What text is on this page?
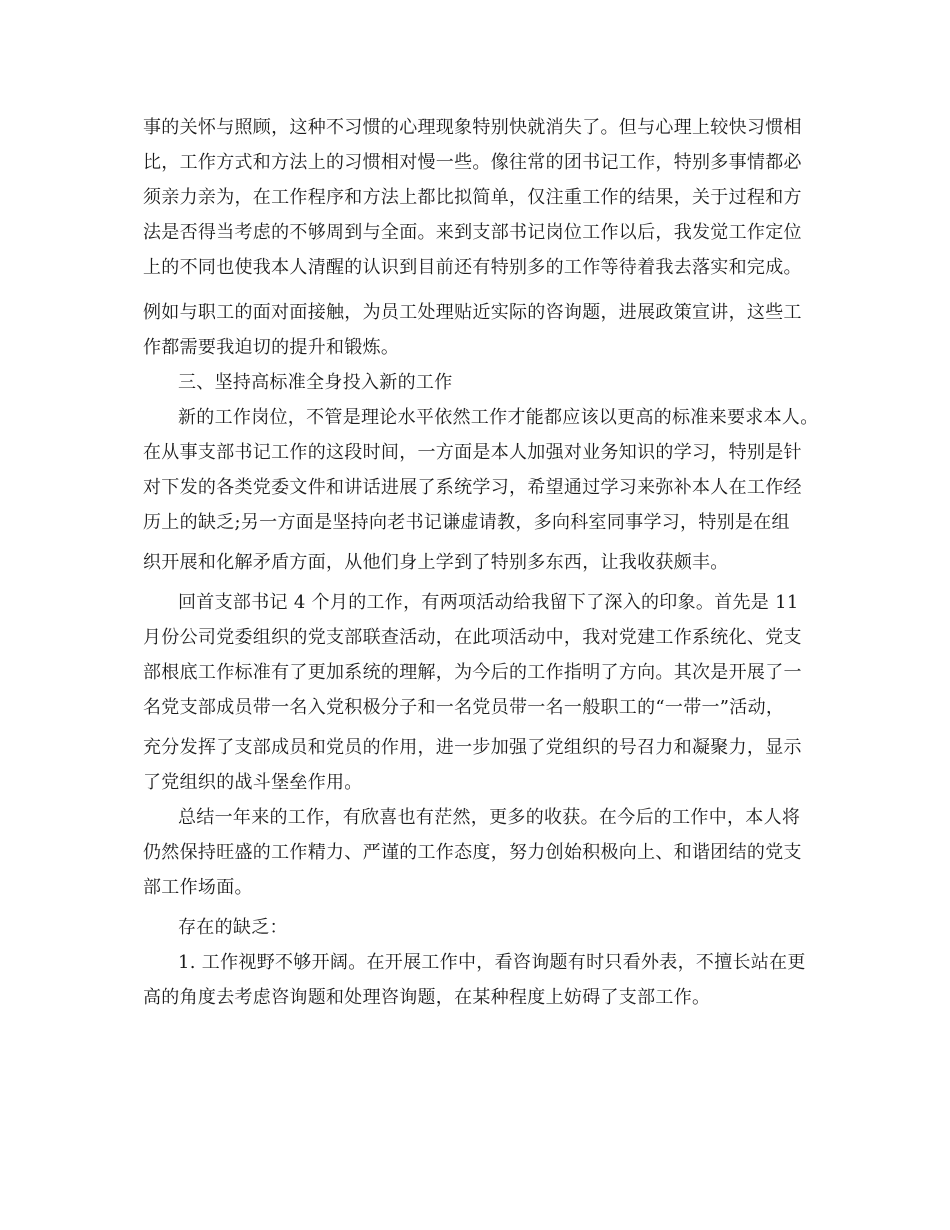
事的关怀与照顾，这种不习惯的心理现象特别快就消失了。但与心理上较快习惯相
比，工作方式和方法上的习惯相对慢一些。像往常的团书记工作，特别多事情都必
须亲力亲为，在工作程序和方法上都比拟简单，仅注重工作的结果，关于过程和方
法是否得当考虑的不够周到与全面。来到支部书记岗位工作以后，我发觉工作定位
上的不同也使我本人清醒的认识到目前还有特别多的工作等待着我去落实和完成。
例如与职工的面对面接触，为员工处理贴近实际的咨询题，进展政策宣讲，这些工
作都需要我迫切的提升和锻炼。
三、坚持高标准全身投入新的工作
新的工作岗位，不管是理论水平依然工作才能都应该以更高的标准来要求本人。
在从事支部书记工作的这段时间，一方面是本人加强对业务知识的学习，特别是针
对下发的各类党委文件和讲话进展了系统学习，希望通过学习来弥补本人在工作经
历上的缺乏;另一方面是坚持向老书记谦虚请教，多向科室同事学习，特别是在组
织开展和化解矛盾方面，从他们身上学到了特别多东西，让我收获颇丰。
回首支部书记 4 个月的工作，有两项活动给我留下了深入的印象。首先是 11
月份公司党委组织的党支部联查活动，在此项活动中，我对党建工作系统化、党支
部根底工作标准有了更加系统的理解，为今后的工作指明了方向。其次是开展了一
名党支部成员带一名入党积极分子和一名党员带一名一般职工的“一带一”活动，
充分发挥了支部成员和党员的作用，进一步加强了党组织的号召力和凝聚力，显示
了党组织的战斗堡垒作用。
总结一年来的工作，有欣喜也有茫然，更多的收获。在今后的工作中，本人将
仍然保持旺盛的工作精力、严谨的工作态度，努力创始积极向上、和谐团结的党支
部工作场面。
存在的缺乏：
1. 工作视野不够开阔。在开展工作中，看咨询题有时只看外表，不擅长站在更
高的角度去考虑咨询题和处理咨询题，在某种程度上妨碍了支部工作。
